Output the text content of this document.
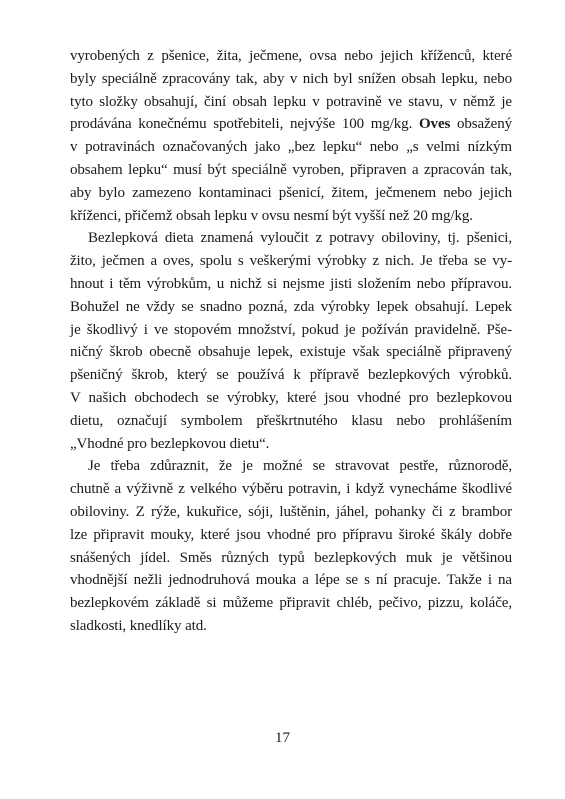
vyrobených z pšenice, žita, ječmene, ovsa nebo jejich kříženců, které
byly speciálně zpracovány tak, aby v nich byl snížen obsah lepku, nebo
tyto složky obsahují, činí obsah lepku v potravině ve stavu, v němž je
prodávána konečnému spotřebiteli, nejvýše 100 mg/kg. Oves obsažený
v potravinách označovaných jako „bez lepku“ nebo „s velmi nízkým
obsahem lepku“ musí být speciálně vyroben, připraven a zpracován tak,
aby bylo zamezeno kontaminaci pšenicí, žitem, ječmenem nebo jejich
kříženci, přičemž obsah lepku v ovsu nesmí být vyšší než 20 mg/kg.

Bezlepková dieta znamená vyloučit z potravy obiloviny, tj. pšenici,
žito, ječmen a oves, spolu s veškerými výrobky z nich. Je třeba se vy-
hnout i těm výrobkům, u nichž si nejsme jisti složením nebo přípravou.
Bohužel ne vždy se snadno pozná, zda výrobky lepek obsahují. Lepek
je škodlivý i ve stopovém množství, pokud je požíván pravidelně. Pše-
ničný škrob obecně obsahuje lepek, existuje však speciálně připravený
pšeničný škrob, který se používá k přípravě bezlepkových výrobků.
V našich obchodech se výrobky, které jsou vhodné pro bezlepkovou
dietu, označují symbolem přeškrtnutého klasu nebo prohlášením
„Vhodné pro bezlepkovou dietu“.

Je třeba zdůraznit, že je možné se stravovat pestře, různorodě,
chutně a výživně z velkého výběru potravin, i když vynecháme škodlivé
obiloviny. Z rýže, kukuřice, sóji, luštěnin, jáhel, pohanky či z brambor
lze připravit mouky, které jsou vhodné pro přípravu široké škály dobře
snášených jídel. Směs různých typů bezlepkových muk je většinou
vhodnější nežli jednodruhová mouka a lépe se s ní pracuje. Takže i na
bezlepkovém základě si můžeme připravit chléb, pečivo, pizzu, koláče,
sladkosti, knedlíky atd.

17
